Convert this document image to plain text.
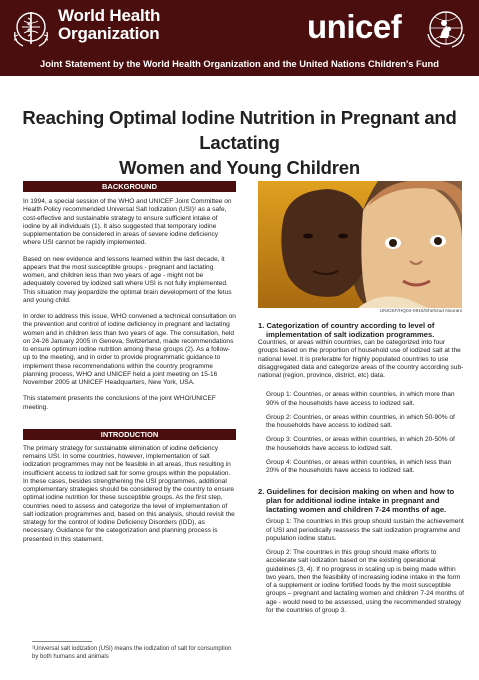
World Health
Organization	unicef
Joint Statement by the World Health Organization and the United Nations Children's Fund
Reaching Optimal Iodine Nutrition in Pregnant and Lactating
Women and Young Children
BACKGROUND

In 1994, a special session of the WHO and UNICEF Joint Committee on Health Policy recommended Universal Salt Iodization (USI)¹ as a safe, cost-effective and sustainable strategy to ensure sufficient intake of iodine by all individuals (1). It also suggested that temporary iodine supplementation be considered in areas of severe iodine deficiency where USI cannot be rapidly implemented.

Based on new evidence and lessons learned within the last decade, it appears that the most susceptible groups - pregnant and lactating women, and children less than two years of age - might not be adequately covered by iodized salt where USI is not fully implemented. This situation may jeopardize the optimal brain development of the fetus and young child.

In order to address this issue, WHO convened a technical consultation on the prevention and control of iodine deficiency in pregnant and lactating women and in children less than two years of age. The consultation, held on 24-26 January 2005 in Geneva, Switzerland, made recommendations to ensure optimum iodine nutrition among these groups (2). As a follow-up to the meeting, and in order to provide programmatic guidance to implement these recommendations within the country programme planning process, WHO and UNICEF held a joint meeting on 15-16 November 2005 at UNICEF Headquarters, New York, USA.

This statement presents the conclusions of the joint WHO/UNICEF meeting.

INTRODUCTION

The primary strategy for sustainable elimination of iodine deficiency remains USI. In some countries, however, implementation of salt iodization programmes may not be feasible in all areas, thus resulting in insufficient access to iodized salt for some groups within the population. In these cases, besides strengthening the USI programmes, additional complementary strategies should be considered by the country to ensure optimal iodine nutrition for these susceptible groups. As the first step, countries need to assess and categorize the level of implementation of salt iodization programmes and, based on this analysis, should revisit the strategy for the control of Iodine Deficiency Disorders (IDD), as necessary. Guidance for the categorization and planning process is presented in this statement.

¹Universal salt iodization (USI) means the iodization of salt for consumption by both humans and animals
UNICEF/HQ04-0916/Shehzad Noorani
1. Categorization of country according to level of implementation of salt iodization programmes.

Countries, or areas within countries, can be categorized into four groups based on the proportion of household use of iodized salt at the national level. It is preferable for highly populated countries to use disaggregated data and categorize areas of the country according sub-national (region, province, district, etc) data.

Group 1: Countries, or areas within countries, in which more than 90% of the households have access to iodized salt.

Group 2: Countries, or areas within countries, in which 50-90% of the households have access to iodized salt.

Group 3: Countries, or areas within countries, in which 20-50% of the households have access to iodized salt.

Group 4: Countries, or areas within countries, in which less than 20% of the households have access to iodized salt.

2. Guidelines for decision making on when and how to plan for additional iodine intake in pregnant and lactating women and children 7-24 months of age.

Group 1: The countries in this group should sustain the achievement of USI and periodically reassess the salt iodization programme and population iodine status.

Group 2: The countries in this group should make efforts to accelerate salt iodization based on the existing operational guidelines (3, 4). If no progress in scaling up is being made within two years, then the feasibility of increasing iodine intake in the form of a supplement or iodine fortified foods by the most susceptible groups – pregnant and lactating women and children 7-24 months of age - would need to be assessed, using the recommended strategy for the countries of group 3.
